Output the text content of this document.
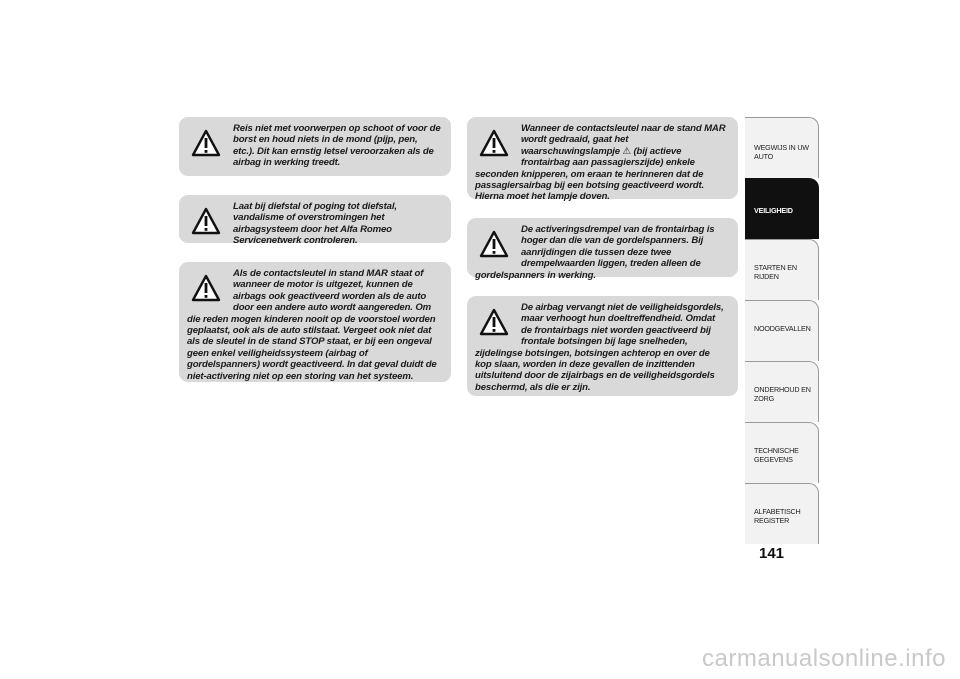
Reis niet met voorwerpen op schoot of voor de borst en houd niets in de mond (pijp, pen, etc.). Dit kan ernstig letsel veroorzaken als de airbag in werking treedt.

Laat bij diefstal of poging tot diefstal, vandalisme of overstromingen het airbagsysteem door het Alfa Romeo Servicenetwerk controleren.

Als de contactsleutel in stand MAR staat of wanneer de motor is uitgezet, kunnen de airbags ook geactiveerd worden als de auto door een andere auto wordt aangereden. Om die reden mogen kinderen nooit op de voorstoel worden geplaatst, ook als de auto stilstaat. Vergeet ook niet dat als de sleutel in de stand STOP staat, er bij een ongeval geen enkel veiligheidssysteem (airbag of gordelspanners) wordt geactiveerd. In dat geval duidt de niet-activering niet op een storing van het systeem.

Wanneer de contactsleutel naar de stand MAR wordt gedraaid, gaat het waarschuwingslampje ⚠ (bij actieve frontairbag aan passagierszijde) enkele seconden knipperen, om eraan te herinneren dat de passagiersairbag bij een botsing geactiveerd wordt. Hierna moet het lampje doven.

De activeringsdrempel van de frontairbag is hoger dan die van de gordelspanners. Bij aanrijdingen die tussen deze twee drempelwaarden liggen, treden alleen de gordelspanners in werking.

De airbag vervangt niet de veiligheidsgordels, maar verhoogt hun doeltreffendheid. Omdat de frontairbags niet worden geactiveerd bij frontale botsingen bij lage snelheden, zijdelingse botsingen, botsingen achterop en over de kop slaan, worden in deze gevallen de inzittenden uitsluitend door de zijairbags en de veiligheidsgordels beschermd, als die er zijn.

WEGWIJS IN UW AUTO
VEILIGHEID
STARTEN EN RIJDEN
NOODGEVALLEN
ONDERHOUD EN ZORG
TECHNISCHE GEGEVENS
ALFABETISCH REGISTER
141
carmanualsonline.info
